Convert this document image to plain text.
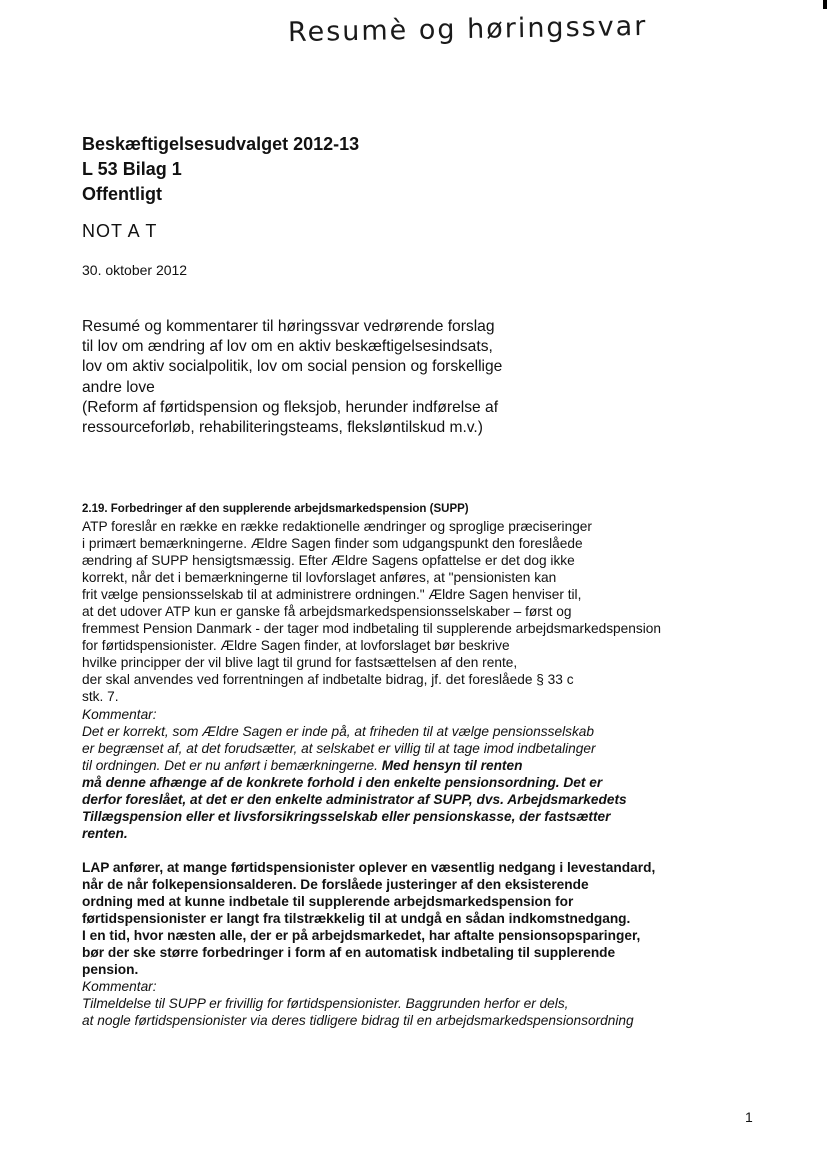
Resumè og høringssvar
Beskæftigelsesudvalget 2012-13
L 53 Bilag 1
Offentligt
NOT A T
30. oktober 2012
Resumé og kommentarer til høringssvar vedrørende forslag
til lov om ændring af lov om en aktiv beskæftigelsesindsats,
lov om aktiv socialpolitik, lov om social pension og forskellige
andre love
(Reform af førtidspension og fleksjob, herunder indførelse af
ressourceforløb, rehabiliteringsteams, fleksløntilskud m.v.)
2.19. Forbedringer af den supplerende arbejdsmarkedspension (SUPP)
ATP foreslår en række en række redaktionelle ændringer og sproglige præciseringer
i primært bemærkningerne. Ældre Sagen finder som udgangspunkt den foreslåede
ændring af SUPP hensigtsmæssig. Efter Ældre Sagens opfattelse er det dog ikke
korrekt, når det i bemærkningerne til lovforslaget anføres, at "pensionisten kan
frit vælge pensionsselskab til at administrere ordningen." Ældre Sagen henviser til,
at det udover ATP kun er ganske få arbejdsmarkedspensionsselskaber – først og
fremmest Pension Danmark - der tager mod indbetaling til supplerende arbejdsmarkedspension
for førtidspensionister. Ældre Sagen finder, at lovforslaget bør beskrive
hvilke principper der vil blive lagt til grund for fastsættelsen af den rente,
der skal anvendes ved forrentningen af indbetalte bidrag, jf. det foreslåede § 33 c
stk. 7.
Kommentar:
Det er korrekt, som Ældre Sagen er inde på, at friheden til at vælge pensionsselskab
er begrænset af, at det forudsætter, at selskabet er villig til at tage imod indbetalinger
til ordningen. Det er nu anført i bemærkningerne. Med hensyn til renten
må denne afhænge af de konkrete forhold i den enkelte pensionsordning. Det er
derfor foreslået, at det er den enkelte administrator af SUPP, dvs. Arbejdsmarkedets
Tillægspension eller et livsforsikringsselskab eller pensionskasse, der fastsætter
renten.
LAP anfører, at mange førtidspensionister oplever en væsentlig nedgang i levestandard,
når de når folkepensionsalderen. De forslåede justeringer af den eksisterende
ordning med at kunne indbetale til supplerende arbejdsmarkedspension for
førtidspensionister er langt fra tilstrækkelig til at undgå en sådan indkomstnedgang.
I en tid, hvor næsten alle, der er på arbejdsmarkedet, har aftalte pensionsopsparinger,
bør der ske større forbedringer i form af en automatisk indbetaling til supplerende
pension.
Kommentar:
Tilmeldelse til SUPP er frivillig for førtidspensionister. Baggrunden herfor er dels,
at nogle førtidspensionister via deres tidligere bidrag til en arbejdsmarkedspensionsordning
1
